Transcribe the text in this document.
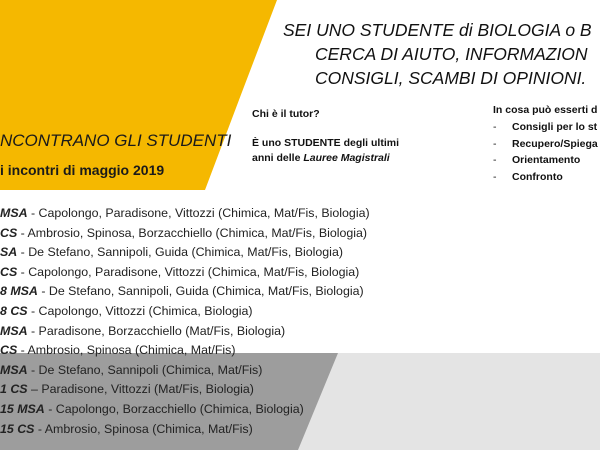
SEI UNO STUDENTE di BIOLOGIA o B
CERCA DI AIUTO, INFORMAZION
CONSIGLI, SCAMBI DI OPINIONI.
NCONTRANO GLI STUDENTI
i incontri di maggio 2019
Chi è il tutor?
È uno STUDENTE degli ultimi
anni delle Lauree Magistrali
In cosa può esserti d
- Consigli per lo st
- Recupero/Spiega
- Orientamento
- Confronto
MSA - Capolongo, Paradisone, Vittozzi (Chimica, Mat/Fis, Biologia)
CS - Ambrosio, Spinosa, Borzacchiello (Chimica, Mat/Fis, Biologia)
SA - De Stefano, Sannipoli, Guida (Chimica, Mat/Fis, Biologia)
CS - Capolongo, Paradisone, Vittozzi (Chimica, Mat/Fis, Biologia)
8 MSA - De Stefano, Sannipoli, Guida (Chimica, Mat/Fis, Biologia)
8 CS - Capolongo, Vittozzi (Chimica, Biologia)
MSA - Paradisone, Borzacchiello (Mat/Fis, Biologia)
CS - Ambrosio, Spinosa (Chimica, Mat/Fis)
MSA - De Stefano, Sannipoli (Chimica, Mat/Fis)
1 CS – Paradisone, Vittozzi (Mat/Fis, Biologia)
15 MSA - Capolongo, Borzacchiello (Chimica, Biologia)
15 CS - Ambrosio, Spinosa (Chimica, Mat/Fis)
